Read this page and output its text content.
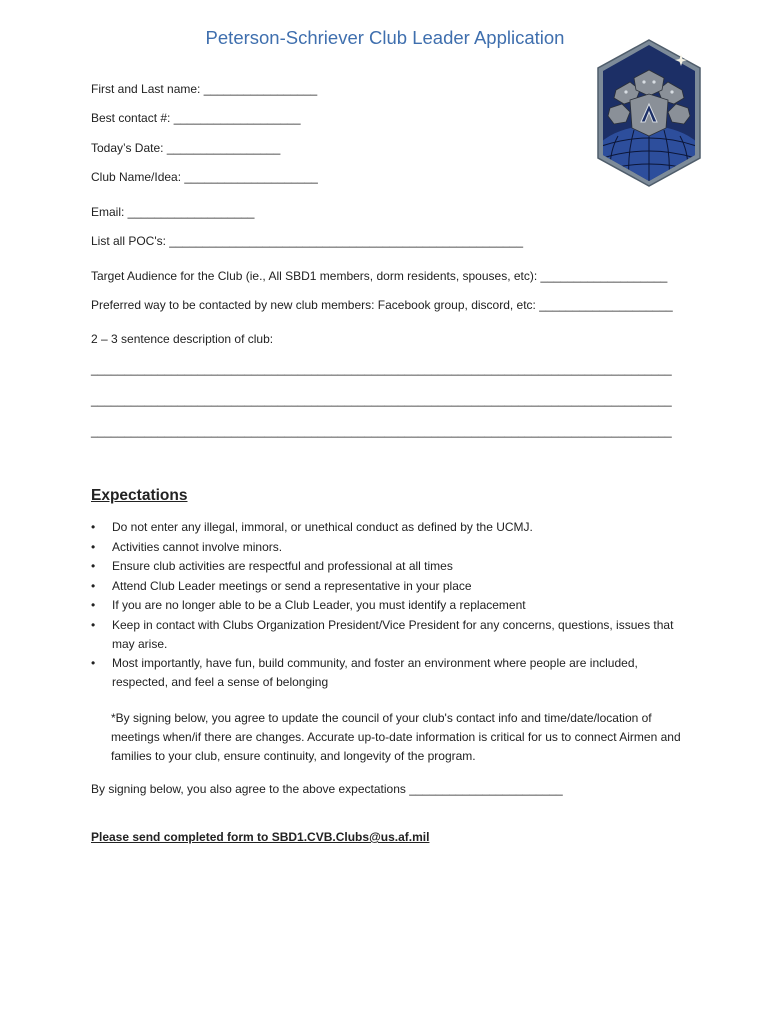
Peterson-Schriever Club Leader Application
First and Last name: _________________
Best contact #: ___________________
Today’s Date: _________________
Club Name/Idea: ____________________
Email: ___________________
List all POC's: _____________________________________________________
Target Audience for the Club (ie., All SBD1 members, dorm residents, spouses, etc): ___________________
Preferred way to be contacted by new club members: Facebook group, discord, etc: ____________________
2 – 3 sentence description of club:
_______________________________________________________________________________________
_______________________________________________________________________________________
_______________________________________________________________________________________
Expectations
• Do not enter any illegal, immoral, or unethical conduct as defined by the UCMJ.
• Activities cannot involve minors.
• Ensure club activities are respectful and professional at all times
• Attend Club Leader meetings or send a representative in your place
• If you are no longer able to be a Club Leader, you must identify a replacement
• Keep in contact with Clubs Organization President/Vice President for any concerns, questions, issues that may arise.
• Most importantly, have fun, build community, and foster an environment where people are included, respected, and feel a sense of belonging
*By signing below, you agree to update the council of your club's contact info and time/date/location of meetings when/if there are changes. Accurate up-to-date information is critical for us to connect Airmen and families to your club, ensure continuity, and longevity of the program.
By signing below, you also agree to the above expectations _______________________
Please send completed form to SBD1.CVB.Clubs@us.af.mil
